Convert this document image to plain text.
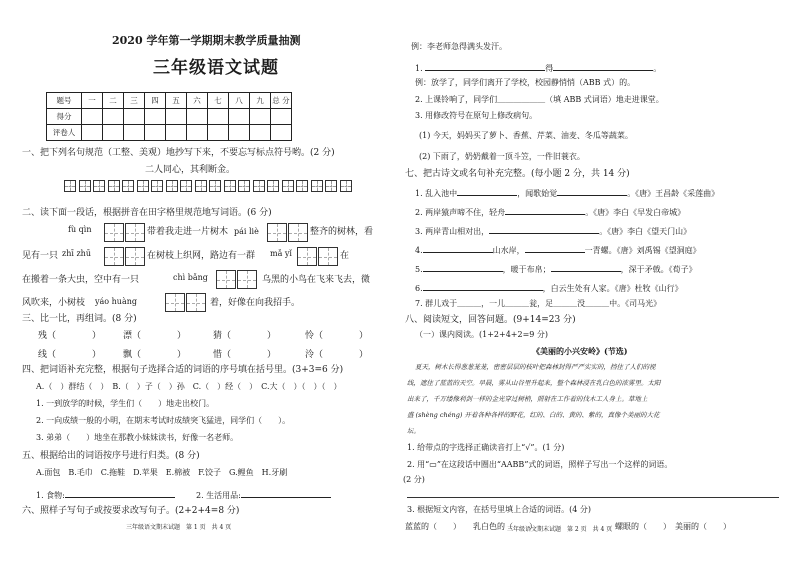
2020 学年第一学期期末教学质量抽测
三年级语文试题
题号	一	二	三	四	五	六	七	八	九	总 分
得分										
评卷人										
一、把下列名句规范（工整、美观）地抄写下来，不要忘写标点符号哟。(2 分)
二人同心，其利断金。
二、读下面一段话，根据拼音在田字格里规范地写词语。(6 分)
fù qìn	带着我走进一片树木 pái liè	整齐的树林，看
见有一只 zhī zhū	在树枝上织网，路边有一群 mǎ yǐ	在
在搬着一条大虫，空中有一只	chì bǎng	乌黑的小鸟在飞来飞去，微
风吹来，小树枝 yáo huàng	着，好像在向我招手。
三、比一比，再组词。(8 分)
残（　　　　） 漂（　　　　）	猜（　　　　）	怜（　　　　）
线（　　　　） 飘（　　　　）	惜（　　　　）	泠（　　　　）
四、把词语补充完整，根据句子选择合适的词语的序号填在括号里。(3+3=6 分)
A.（　）群结（　）　B.（　）子（　）孙　C.（　）经（　）　C.大（　）（　）（　）
1. 一到放学的时候，学生们（　　）地走出校门。
2. 一向成绩一般的小明，在期末考试时成绩突飞猛进，同学们（　　）。
3. 弟弟（　　）地坐在那教小妹妹读书，好像一名老师。
五、根据给出的词语按序号进行归类。(8 分)
A.面包　B.毛巾　C.拖鞋　D.苹果　E.棉被　F.饺子　G.鲤鱼　H.牙刷
1. 食物:	2. 生活用品:
六、照样子写句子或按要求改写句子。(2+2+4=8 分)
三年级语文期末试题　第 1 页　共 4 页
例：李老师急得满头发汗。
1.	得	。
例：放学了，同学们离开了学校，校园静悄悄（ABB 式）的。
2. 上课铃响了，同学们＿＿＿＿＿＿（填 ABB 式词语）地走进课堂。
3. 用修改符号在原句上修改病句。
(1) 今天，妈妈买了萝卜、香蕉、芹菜、油麦、冬瓜等蔬菜。
(2) 下雨了，奶奶戴着一顶斗笠，一件旧蓑衣。
七、把古诗文或名句补充完整。(每小题 2 分，共 14 分)
1. 乱入池中	，闻歌始觉	。《唐》王昌龄《采莲曲》
2. 两岸猿声啼不住，轻舟	。《唐》李白《早发白帝城》
3. 两岸青山相对出，	。《唐》李白《望天门山》
4.	山水岸，	一青螺。《唐》刘禹锡《望洞庭》
5.	，暖于布帛；	，深于矛戟。《荀子》
6.	，白云生处有人家。《唐》杜牧《山行》
7. 群儿戏于＿＿＿，一儿＿＿＿瓮，足＿＿＿没＿＿＿中。《司马光》
八、阅读短文，回答问题。(9+14=23 分)
（一）课内阅读。(1+2+4+2=9 分)
《美丽的小兴安岭》(节选)
夏天，树木长得葱葱茏茏，密密层层的枝叶把森林封得严严实实的，挡住了人们的视
线，遮住了蓝蓝的天空。早晨，雾从山谷里升起来，整个森林浸在乳白色的浓雾里。太阳
出来了，千万缕像利剑一样的金光穿过树梢，照射在工作着的伐木工人身上。草地上
盛 (shèng chéng) 开着各种各样的野花，红的、白的、黄的、紫的，真像个美丽的大花
坛。
1. 给带点的字选择正确读音打上“√”。(1 分)
2. 用“▭”在这段话中圈出“AABB”式的词语，照样子写出一个这样的词语。
(2 分)
3. 根据短文内容，在括号里填上合适的词语。(4 分)
蓝蓝的（　　）　　乳白色的（　　）	螺眼的（　　）　美丽的（　　）
三年级语文期末试题　第 2 页　共 4 页
